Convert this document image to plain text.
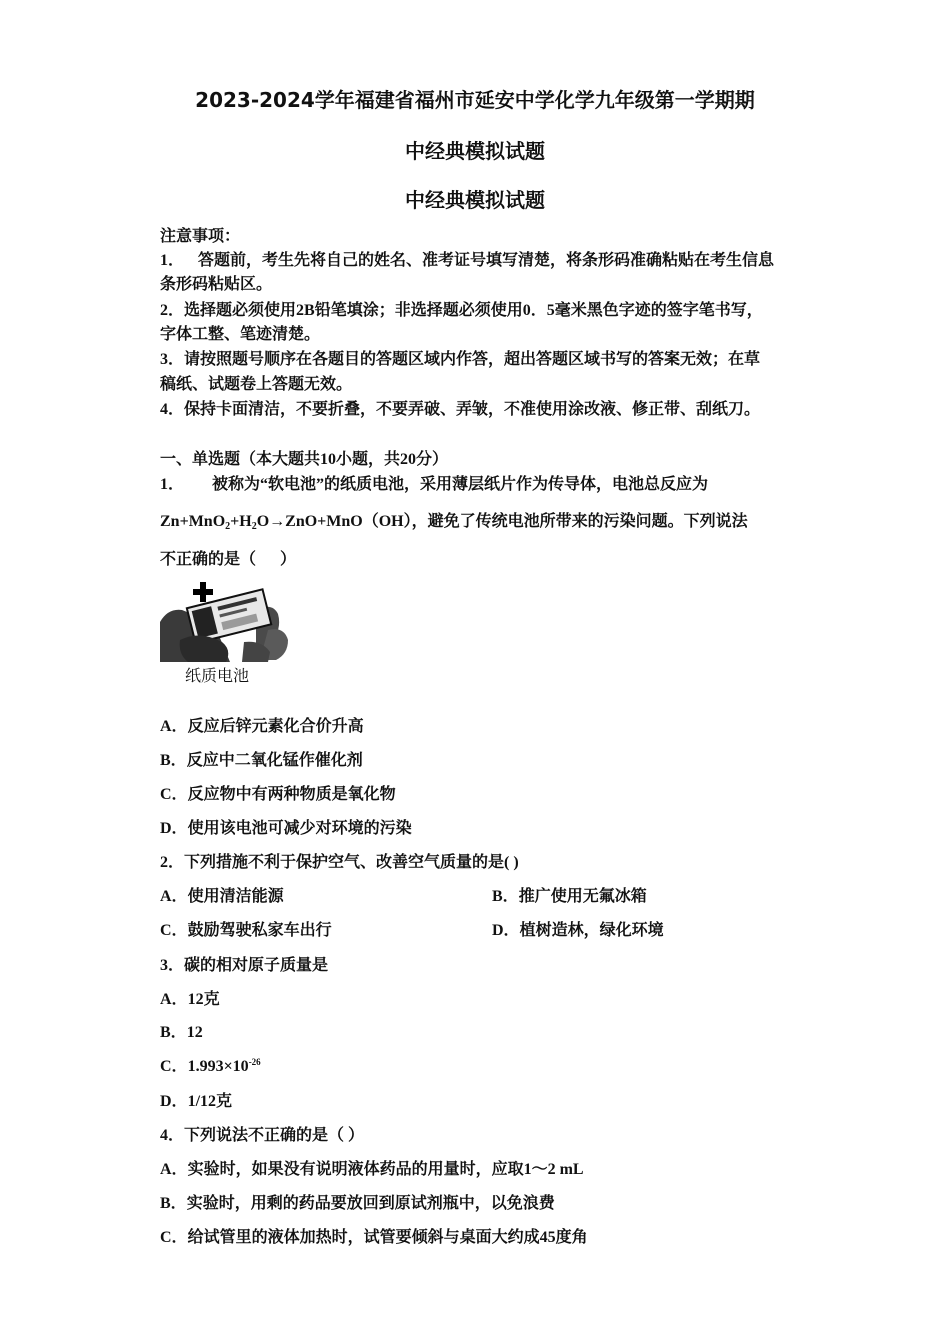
2023-2024学年福建省福州市延安中学化学九年级第一学期期
中经典模拟试题
中经典模拟试题
注意事项：
1． 答题前，考生先将自己的姓名、准考证号填写清楚，将条形码准确粘贴在考生信息
条形码粘贴区。
2．选择题必须使用2B铅笔填涂；非选择题必须使用0．5毫米黑色字迹的签字笔书写，
字体工整、笔迹清楚。
3．请按照题号顺序在各题目的答题区域内作答，超出答题区域书写的答案无效；在草
稿纸、试题卷上答题无效。
4．保持卡面清洁，不要折叠，不要弄破、弄皱，不准使用涂改液、修正带、刮纸刀。
一、单选题（本大题共10小题，共20分）
1． 被称为“软电池”的纸质电池，采用薄层纸片作为传导体，电池总反应为
$Zn+MnO_2+H_2O\to ZnO+MnO(OH)$，避免了传统电池所带来的污染问题。下列说法
不正确的是（      ）
纸质电池
A．反应后锌元素化合价升高
B．反应中二氧化锰作催化剂
C．反应物中有两种物质是氧化物
D．使用该电池可减少对环境的污染
2．下列措施不利于保护空气、改善空气质量的是( )
A．使用清洁能源	B．推广使用无氟冰箱
C．鼓励驾驶私家车出行	D．植树造林，绿化环境
3．碳的相对原子质量是
A．12克
B．12
C．$1.993\times 10^{-26}$
D．1/12克
4．下列说法不正确的是（ ）
A．实验时，如果没有说明液体药品的用量时，应取1～2 mL
B．实验时，用剩的药品要放回到原试剂瓶中，以免浪费
C．给试管里的液体加热时，试管要倾斜与桌面大约成45度角
